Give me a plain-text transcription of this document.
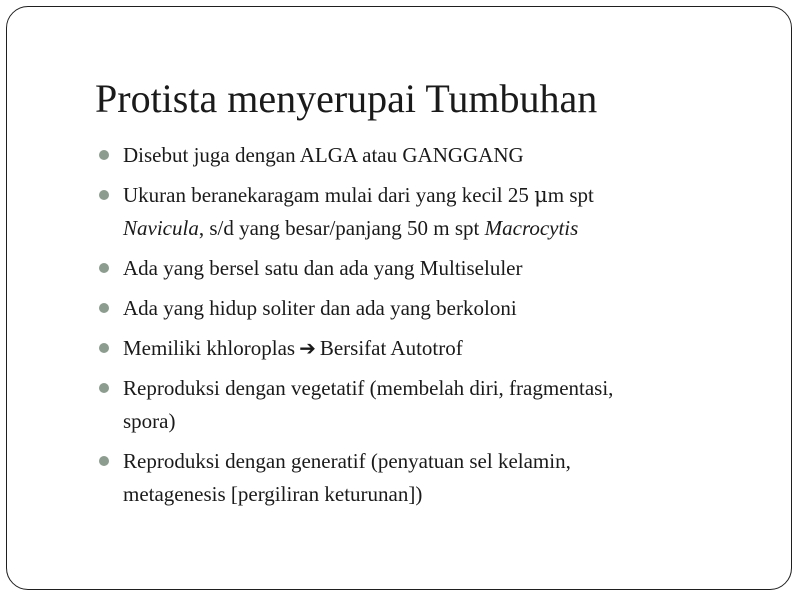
Protista menyerupai Tumbuhan
Disebut juga dengan ALGA atau GANGGANG
Ukuran beranekaragam mulai dari yang kecil 25 μm spt
Navicula, s/d yang besar/panjang 50 m spt Macrocytis
Ada yang bersel satu dan ada yang Multiseluler
Ada yang hidup soliter dan ada yang berkoloni
Memiliki khloroplas ➔ Bersifat Autotrof
Reproduksi dengan vegetatif (membelah diri, fragmentasi,
spora)
Reproduksi dengan generatif (penyatuan sel kelamin,
metagenesis [pergiliran keturunan])
